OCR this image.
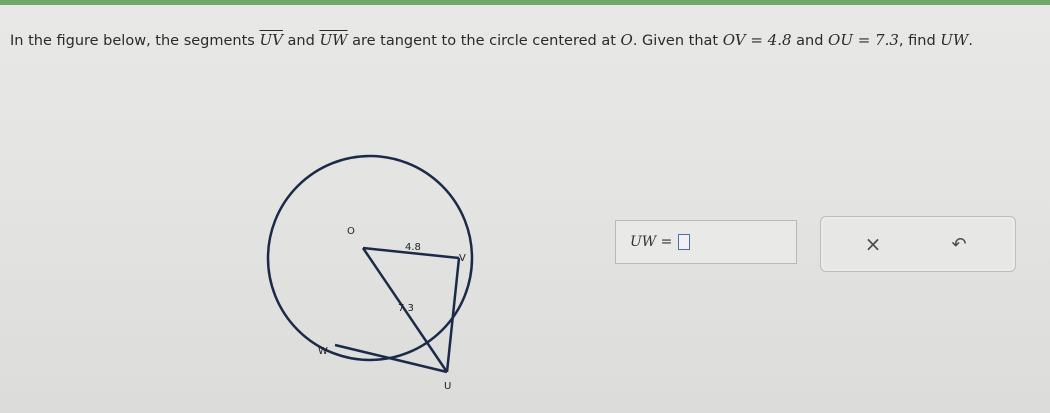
In the figure below, the segments $\overline{UV}$ and $\overline{UW}$ are tangent to the circle centered at O. Given that OV = 4.8 and OU = 7.3, find UW.
O
4.8
V
7.3
W
U
UW =	×	↶
